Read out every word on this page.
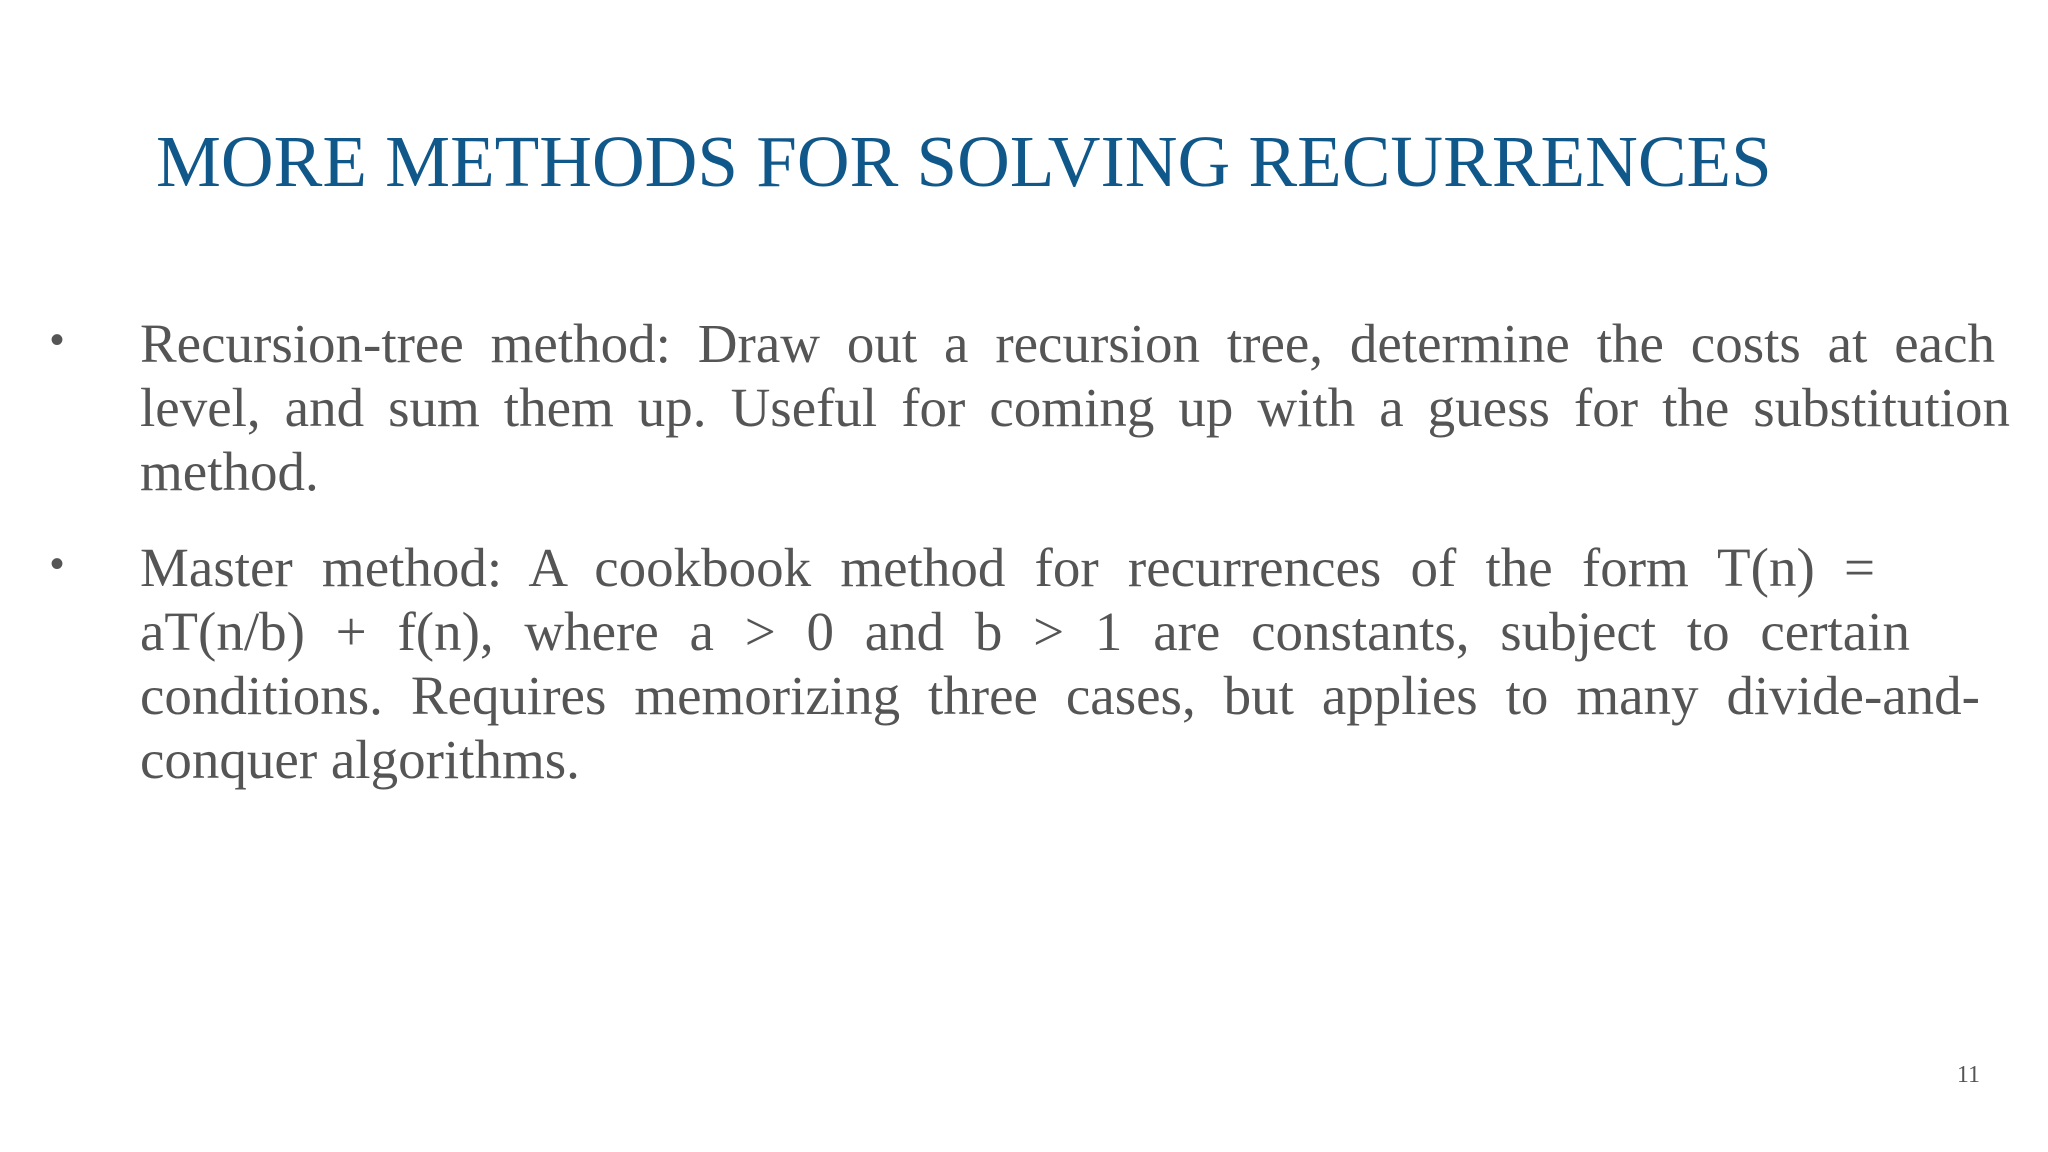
MORE METHODS FOR SOLVING RECURRENCES
• Recursion-tree method: Draw out a recursion tree, determine the costs at each
level, and sum them up. Useful for coming up with a guess for the substitution
method.
• Master method: A cookbook method for recurrences of the form T(n) =
aT(n/b) + f(n), where a > 0 and b > 1 are constants, subject to certain
conditions. Requires memorizing three cases, but applies to many divide-and-
conquer algorithms.
11
